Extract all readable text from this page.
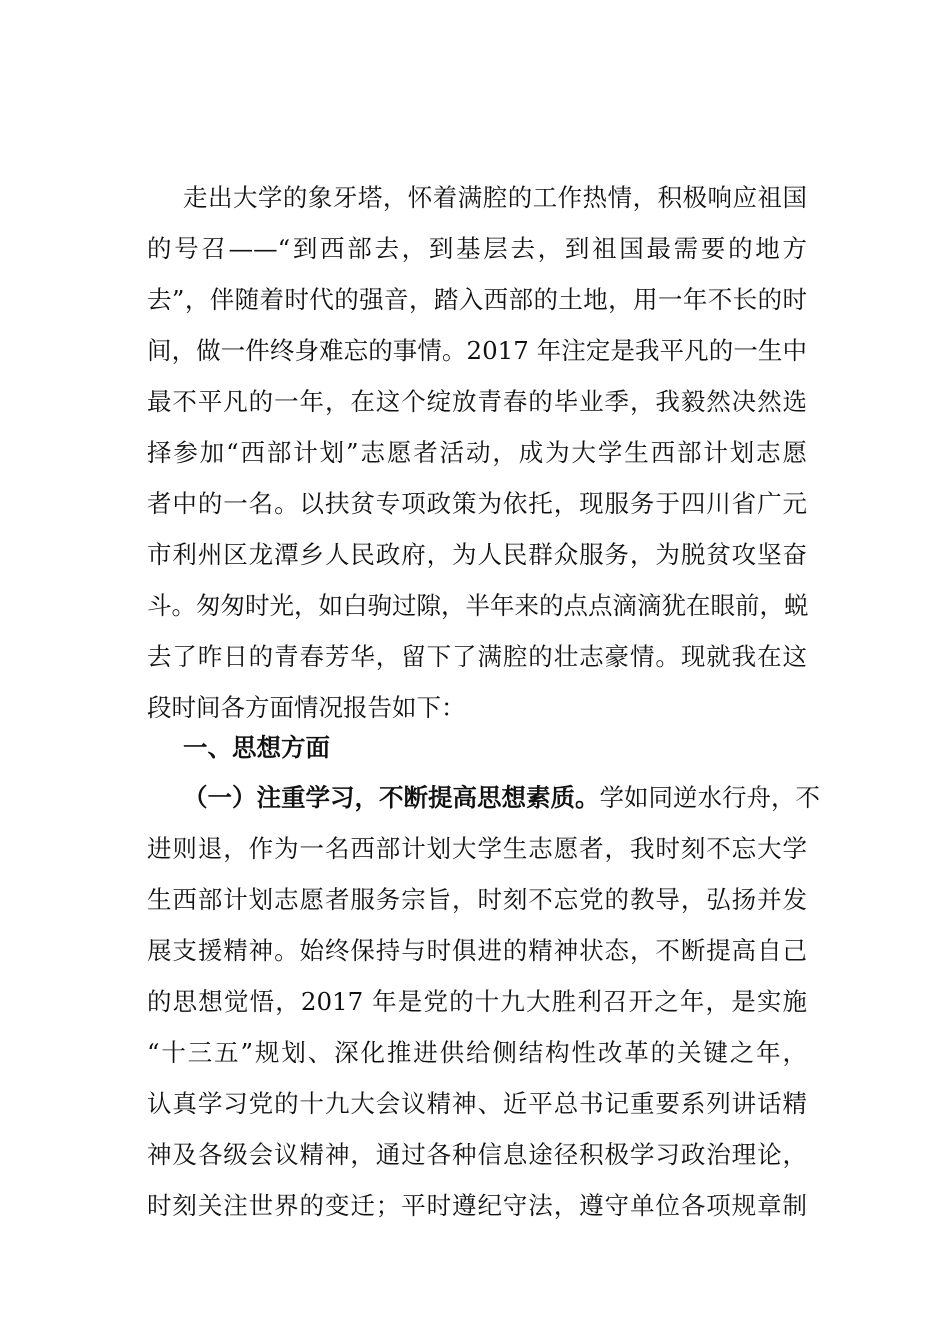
走出大学的象牙塔，怀着满腔的工作热情，积极响应祖国
的号召——“到西部去，到基层去，到祖国最需要的地方
去”，伴随着时代的强音，踏入西部的土地，用一年不长的时
间，做一件终身难忘的事情。2017 年注定是我平凡的一生中
最不平凡的一年，在这个绽放青春的毕业季，我毅然决然选
择参加“西部计划”志愿者活动，成为大学生西部计划志愿
者中的一名。以扶贫专项政策为依托，现服务于四川省广元
市利州区龙潭乡人民政府，为人民群众服务，为脱贫攻坚奋
斗。匆匆时光，如白驹过隙，半年来的点点滴滴犹在眼前，蜕
去了昨日的青春芳华，留下了满腔的壮志豪情。现就我在这
段时间各方面情况报告如下：
一、思想方面
（一）注重学习，不断提高思想素质。学如同逆水行舟，不
进则退，作为一名西部计划大学生志愿者，我时刻不忘大学
生西部计划志愿者服务宗旨，时刻不忘党的教导，弘扬并发
展支援精神。始终保持与时俱进的精神状态，不断提高自己
的思想觉悟，2017 年是党的十九大胜利召开之年，是实施
“十三五”规划、深化推进供给侧结构性改革的关键之年，
认真学习党的十九大会议精神、近平总书记重要系列讲话精
神及各级会议精神，通过各种信息途径积极学习政治理论，
时刻关注世界的变迁；平时遵纪守法，遵守单位各项规章制
